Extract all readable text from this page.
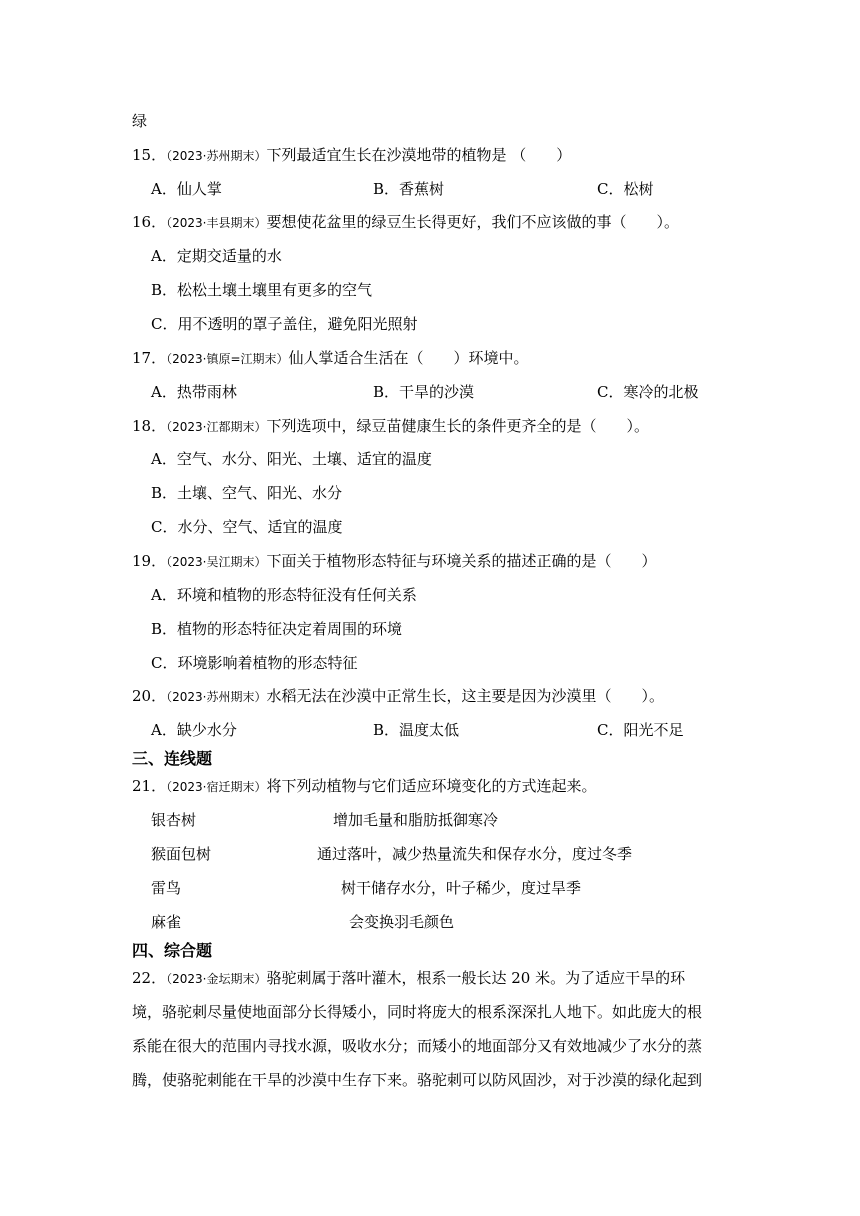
绿
15．（2023·苏州期末）下列最适宜生长在沙漠地带的植物是 （　　）
A．仙人掌	B．香蕉树	C．松树
16．（2023·丰县期末）要想使花盆里的绿豆生长得更好，我们不应该做的事（　　）。
A．定期交适量的水
B．松松土壤土壤里有更多的空气
C．用不透明的罩子盖住，避免阳光照射
17．（2023·镇原=江期末）仙人掌适合生活在（　　）环境中。
A．热带雨林	B．干旱的沙漠	C．寒冷的北极
18．（2023·江都期末）下列选项中，绿豆苗健康生长的条件更齐全的是（　　）。
A．空气、水分、阳光、土壤、适宜的温度
B．土壤、空气、阳光、水分
C．水分、空气、适宜的温度
19．（2023·吴江期末）下面关于植物形态特征与环境关系的描述正确的是（　　）
A．环境和植物的形态特征没有任何关系
B．植物的形态特征决定着周围的环境
C．环境影响着植物的形态特征
20．（2023·苏州期末）水稻无法在沙漠中正常生长，这主要是因为沙漠里（　　）。
A．缺少水分	B．温度太低	C．阳光不足
三、连线题
21．（2023·宿迁期末）将下列动植物与它们适应环境变化的方式连起来。
银杏树	增加毛量和脂肪抵御寒冷
猴面包树	通过落叶，减少热量流失和保存水分，度过冬季
雷鸟	树干储存水分，叶子稀少，度过旱季
麻雀	会变换羽毛颜色
四、综合题
22．（2023·金坛期末）骆驼刺属于落叶灌木，根系一般长达 20 米。为了适应干旱的环
境，骆驼刺尽量使地面部分长得矮小，同时将庞大的根系深深扎人地下。如此庞大的根
系能在很大的范围内寻找水源，吸收水分；而矮小的地面部分又有效地减少了水分的蒸
腾，使骆驼刺能在干旱的沙漠中生存下来。骆驼刺可以防风固沙，对于沙漠的绿化起到
